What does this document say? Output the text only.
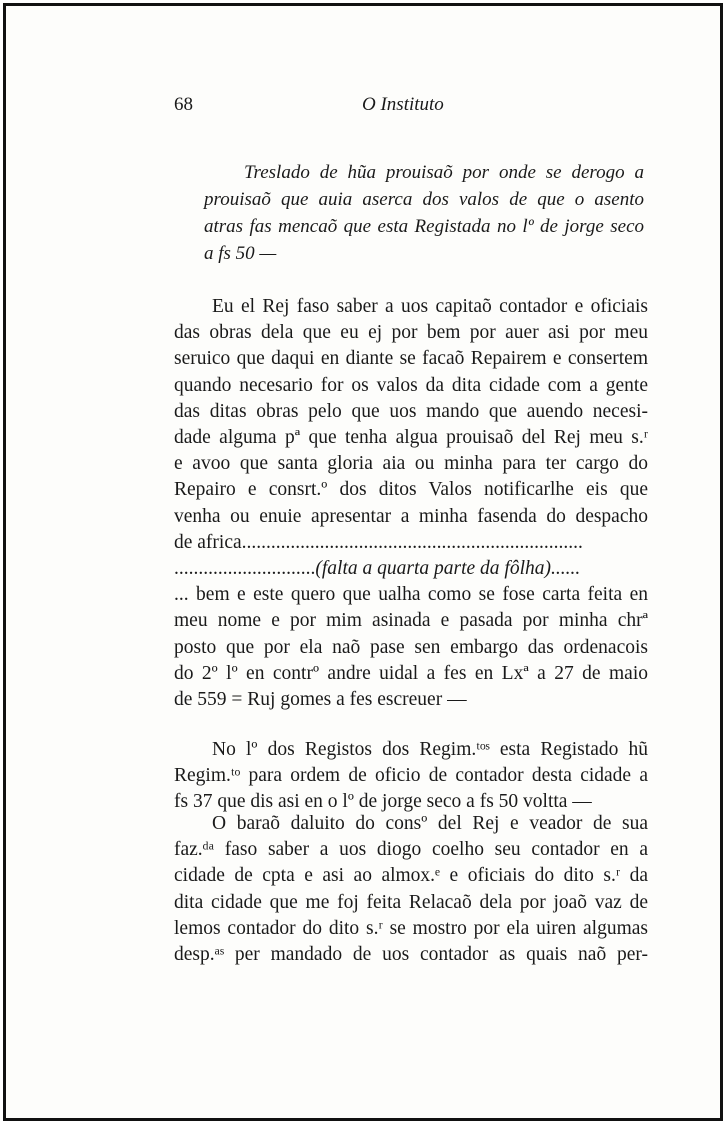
68	O Instituto
Treslado de hũa prouisaõ por onde se derogo a
prouisaõ que auia aserca dos valos de que o asento
atras fas mencaõ que esta Registada no lº de jorge seco
a fs 50 —
Eu el Rej faso saber a uos capitaõ contador e oficiais
das obras dela que eu ej por bem por auer asi por meu
seruico que daqui en diante se facaõ Repairem e consertem
quando necesario for os valos da dita cidade com a gente
das ditas obras pelo que uos mando que auendo necesi-
dade alguma pª que tenha algua prouisaõ del Rej meu s.ʳ
e avoo que santa gloria aia ou minha para ter cargo do
Repairo e consrt.º dos ditos Valos notificarlhe eis que
venha ou enuie apresentar a minha fasenda do despacho
de africa......................................................................
.............................(falta a quarta parte da fôlha)......
... bem e este quero que ualha como se fose carta feita en
meu nome e por mim asinada e pasada por minha chrª
posto que por ela naõ pase sen embargo das ordenacois
do 2º lº en contrº andre uidal a fes en Lxª a 27 de maio
de 559 = Ruj gomes a fes escreuer —
No lº dos Registos dos Regim.ᵗᵒˢ esta Registado hũ
Regim.ᵗᵒ para ordem de oficio de contador desta cidade a
fs 37 que dis asi en o lº de jorge seco a fs 50 voltta —
O baraõ daluito do consº del Rej e veador de sua
faz.ᵈᵃ faso saber a uos diogo coelho seu contador en a
cidade de cpta e asi ao almox.ᵉ e oficiais do dito s.ʳ da
dita cidade que me foj feita Relacaõ dela por joaõ vaz de
lemos contador do dito s.ʳ se mostro por ela uiren algumas
desp.ᵃˢ per mandado de uos contador as quais naõ per-
